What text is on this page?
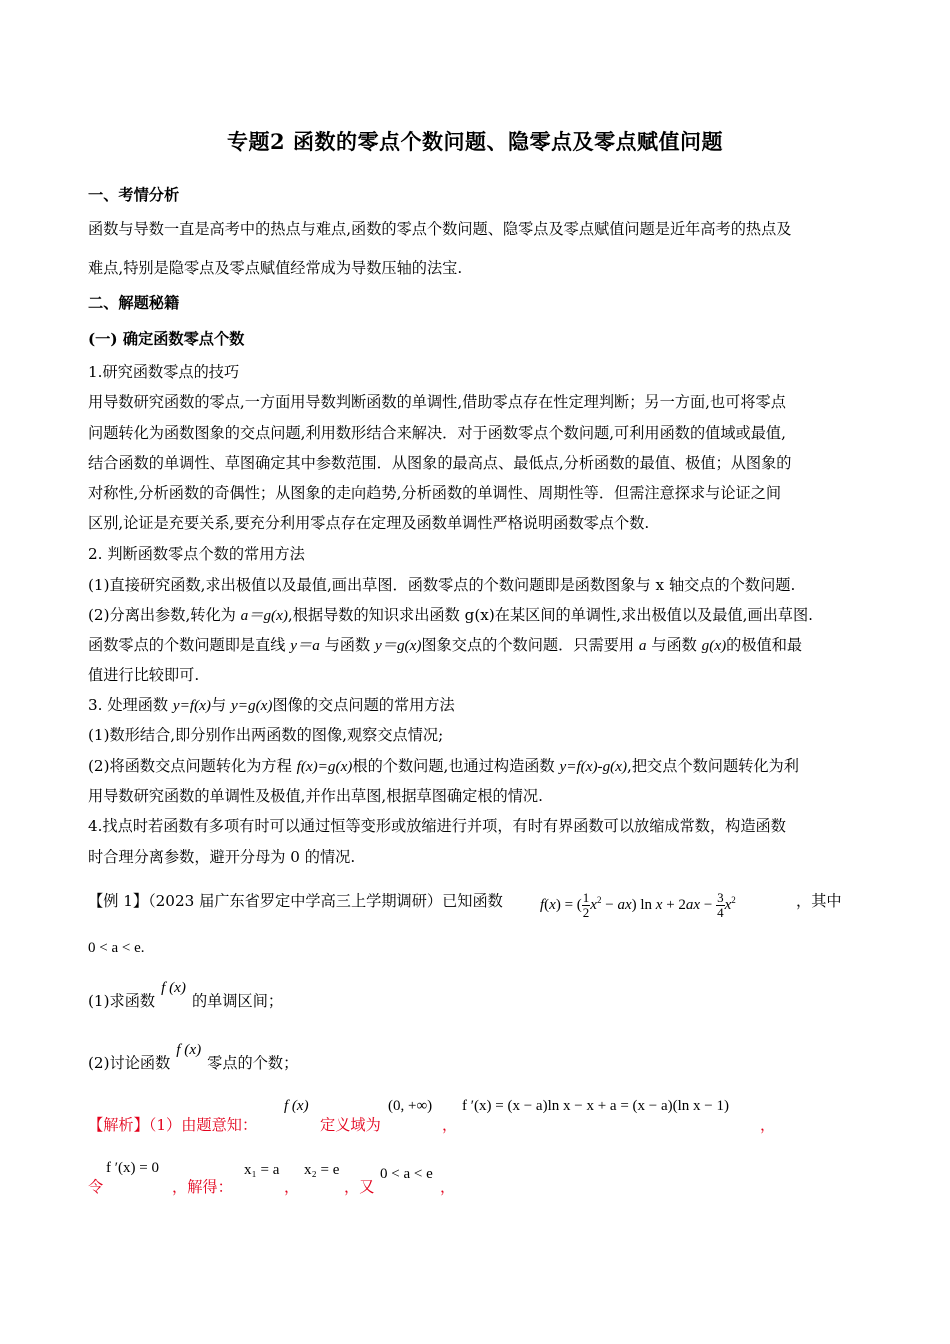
专题2 函数的零点个数问题、隐零点及零点赋值问题
一、考情分析
函数与导数一直是高考中的热点与难点,函数的零点个数问题、隐零点及零点赋值问题是近年高考的热点及
难点,特别是隐零点及零点赋值经常成为导数压轴的法宝.
二、解题秘籍
(一) 确定函数零点个数
1.研究函数零点的技巧
用导数研究函数的零点,一方面用导数判断函数的单调性,借助零点存在性定理判断；另一方面,也可将零点
问题转化为函数图象的交点问题,利用数形结合来解决．对于函数零点个数问题,可利用函数的值域或最值,
结合函数的单调性、草图确定其中参数范围．从图象的最高点、最低点,分析函数的最值、极值；从图象的
对称性,分析函数的奇偶性；从图象的走向趋势,分析函数的单调性、周期性等．但需注意探求与论证之间
区别,论证是充要关系,要充分利用零点存在定理及函数单调性严格说明函数零点个数.
2. 判断函数零点个数的常用方法
(1)直接研究函数,求出极值以及最值,画出草图．函数零点的个数问题即是函数图象与 x 轴交点的个数问题.
(2)分离出参数,转化为 a＝g(x),根据导数的知识求出函数 g(x)在某区间的单调性,求出极值以及最值,画出草图.
函数零点的个数问题即是直线 y＝a 与函数 y＝g(x)图象交点的个数问题．只需要用 a 与函数 g(x)的极值和最
值进行比较即可.
3. 处理函数 y=f(x)与 y=g(x)图像的交点问题的常用方法
(1)数形结合,即分别作出两函数的图像,观察交点情况;
(2)将函数交点问题转化为方程 f(x)=g(x)根的个数问题,也通过构造函数 y=f(x)-g(x),把交点个数问题转化为利
用导数研究函数的单调性及极值,并作出草图,根据草图确定根的情况.
4.找点时若函数有多项有时可以通过恒等变形或放缩进行并项，有时有界函数可以放缩成常数，构造函数
时合理分离参数，避开分母为 0 的情况.
【例 1】（2023 届广东省罗定中学高三上学期调研）已知函数	f(x) = ( $\frac{1}{2} x^2 - ax$) $\ln x + 2ax - \frac{3}{4} x^2$	，其中
0 < a < e.
(1)求函数f (x)的单调区间；
(2)讨论函数f (x)零点的个数；
【解析】（1）由题意知：
f (x)
定义域为
(0, +∞)
，
f ′(x) = (x − a)ln x − x + a = (x − a)(ln x − 1)
，
令
f ′(x) = 0
，解得：
x₁ = a
，
x₂ = e
，又
0 < a < e
，
